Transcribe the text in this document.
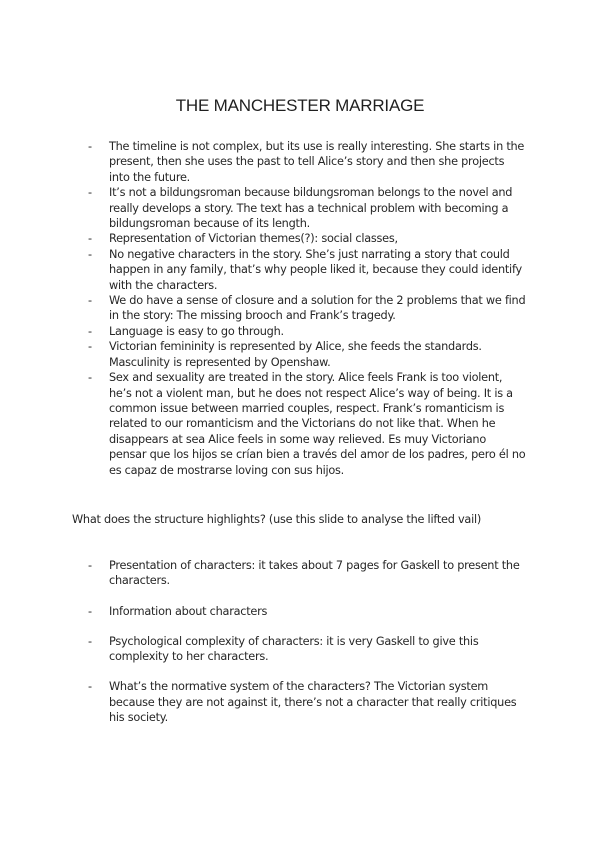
THE MANCHESTER MARRIAGE
- The timeline is not complex, but its use is really interesting. She starts in the present, then she uses the past to tell Alice’s story and then she projects into the future.
- It’s not a bildungsroman because bildungsroman belongs to the novel and really develops a story. The text has a technical problem with becoming a bildungsroman because of its length.
- Representation of Victorian themes(?): social classes,
- No negative characters in the story. She’s just narrating a story that could happen in any family, that’s why people liked it, because they could identify with the characters.
- We do have a sense of closure and a solution for the 2 problems that we find in the story: The missing brooch and Frank’s tragedy.
- Language is easy to go through.
- Victorian femininity is represented by Alice, she feeds the standards. Masculinity is represented by Openshaw.
- Sex and sexuality are treated in the story. Alice feels Frank is too violent, he’s not a violent man, but he does not respect Alice’s way of being. It is a common issue between married couples, respect. Frank’s romanticism is related to our romanticism and the Victorians do not like that. When he disappears at sea Alice feels in some way relieved. Es muy Victoriano pensar que los hijos se crían bien a través del amor de los padres, pero él no es capaz de mostrarse loving con sus hijos.

What does the structure highlights? (use this slide to analyse the lifted vail)

- Presentation of characters: it takes about 7 pages for Gaskell to present the characters.
- Information about characters
- Psychological complexity of characters: it is very Gaskell to give this complexity to her characters.
- What’s the normative system of the characters? The Victorian system because they are not against it, there’s not a character that really critiques his society.
